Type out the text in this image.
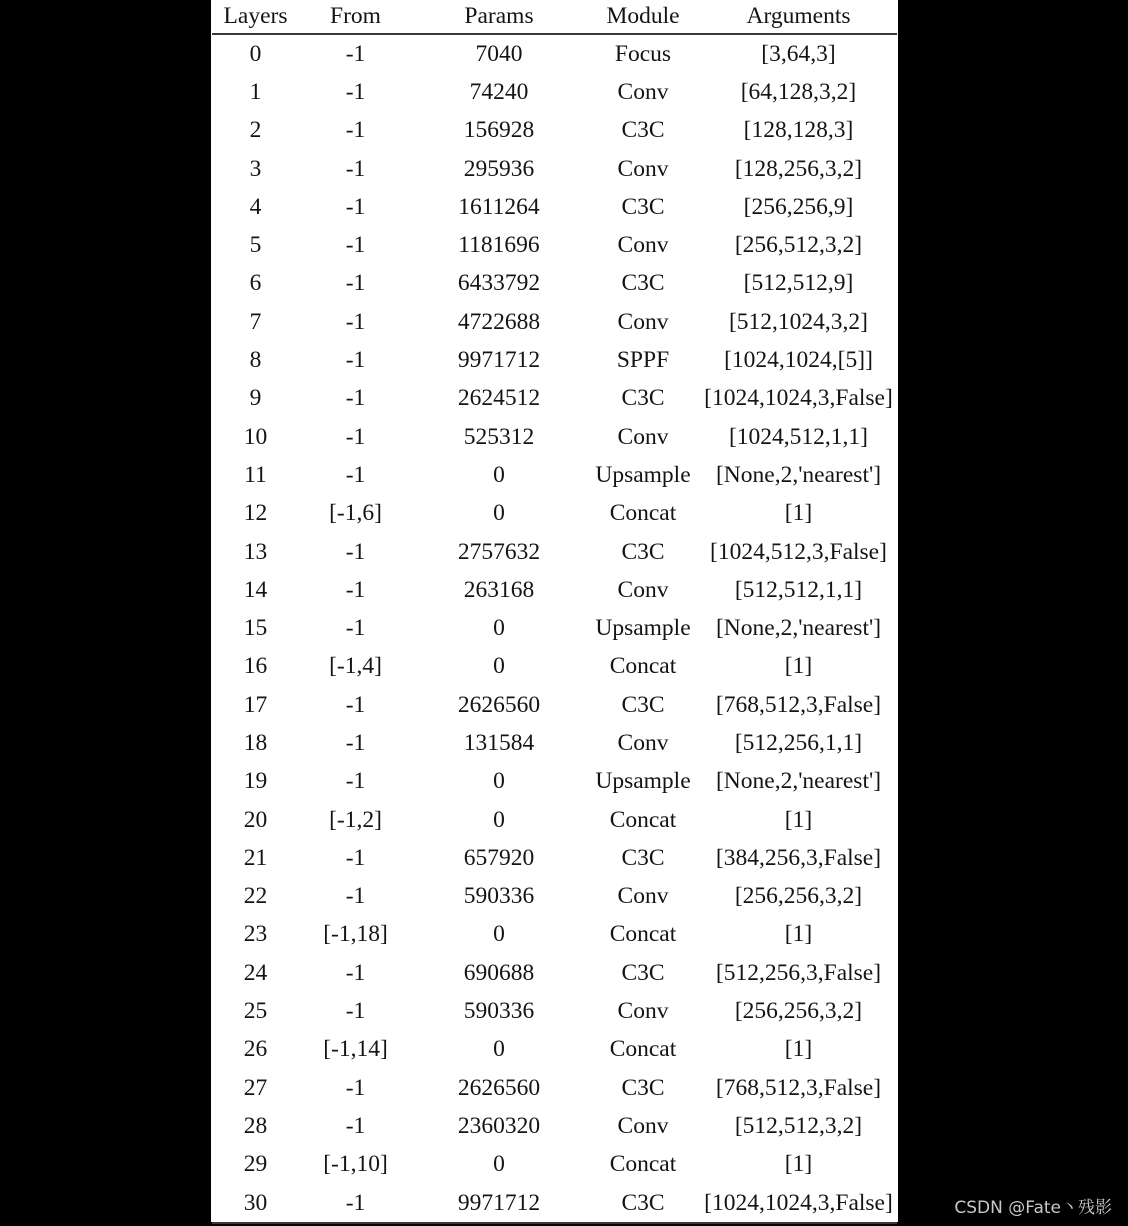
Layers	From	Params	Module	Arguments
0	-1	7040	Focus	[3,64,3]
1	-1	74240	Conv	[64,128,3,2]
2	-1	156928	C3C	[128,128,3]
3	-1	295936	Conv	[128,256,3,2]
4	-1	1611264	C3C	[256,256,9]
5	-1	1181696	Conv	[256,512,3,2]
6	-1	6433792	C3C	[512,512,9]
7	-1	4722688	Conv	[512,1024,3,2]
8	-1	9971712	SPPF	[1024,1024,[5]]
9	-1	2624512	C3C	[1024,1024,3,False]
10	-1	525312	Conv	[1024,512,1,1]
11	-1	0	Upsample	[None,2,'nearest']
12	[-1,6]	0	Concat	[1]
13	-1	2757632	C3C	[1024,512,3,False]
14	-1	263168	Conv	[512,512,1,1]
15	-1	0	Upsample	[None,2,'nearest']
16	[-1,4]	0	Concat	[1]
17	-1	2626560	C3C	[768,512,3,False]
18	-1	131584	Conv	[512,256,1,1]
19	-1	0	Upsample	[None,2,'nearest']
20	[-1,2]	0	Concat	[1]
21	-1	657920	C3C	[384,256,3,False]
22	-1	590336	Conv	[256,256,3,2]
23	[-1,18]	0	Concat	[1]
24	-1	690688	C3C	[512,256,3,False]
25	-1	590336	Conv	[256,256,3,2]
26	[-1,14]	0	Concat	[1]
27	-1	2626560	C3C	[768,512,3,False]
28	-1	2360320	Conv	[512,512,3,2]
29	[-1,10]	0	Concat	[1]
30	-1	9971712	C3C	[1024,1024,3,False]	CSDN @Fate丶残影
